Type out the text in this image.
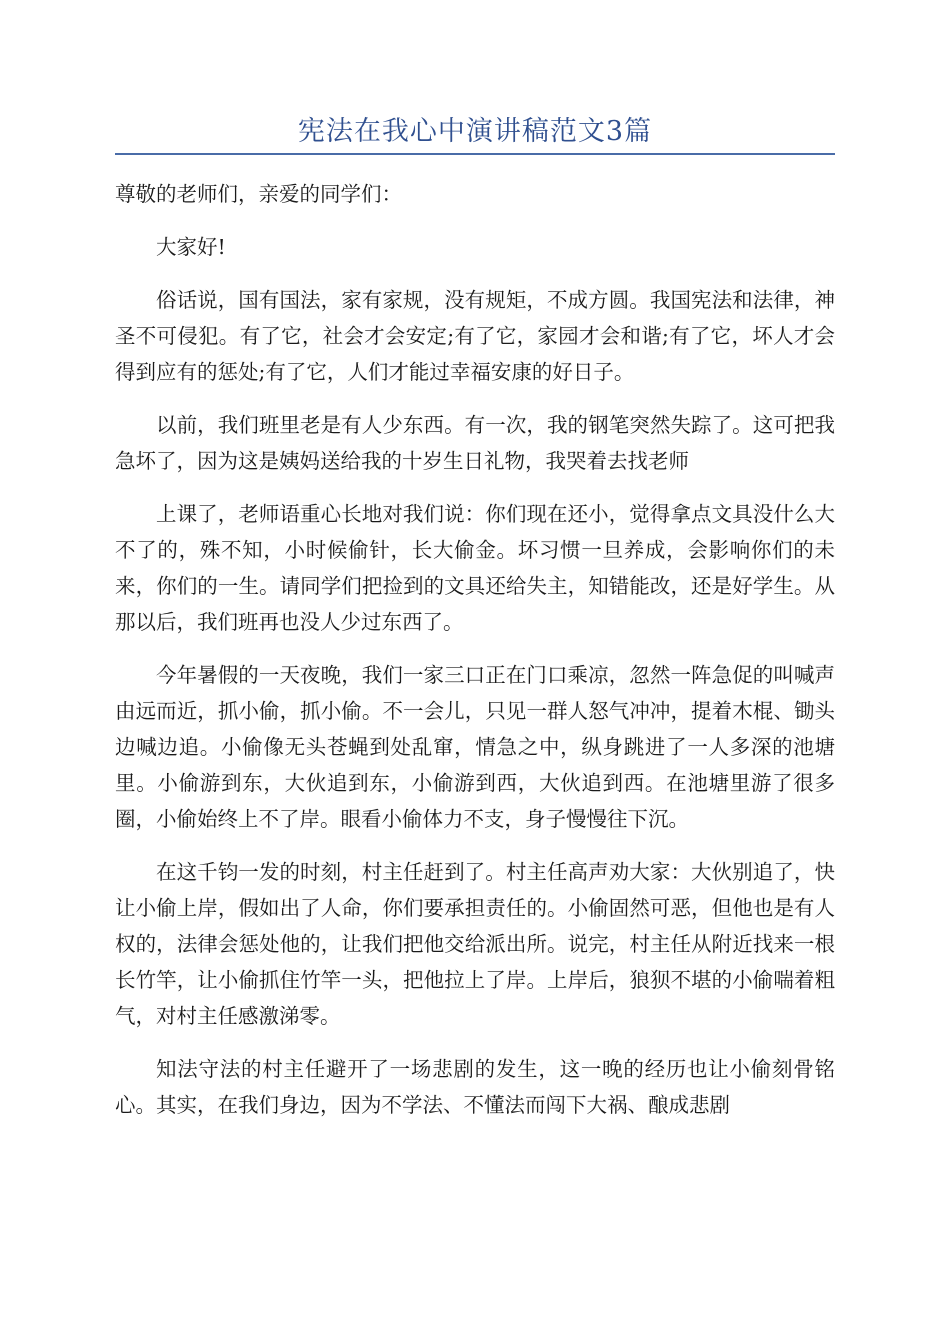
宪法在我心中演讲稿范文3篇

尊敬的老师们，亲爱的同学们：

大家好!

俗话说，国有国法，家有家规，没有规矩，不成方圆。我国宪法和法律，神圣不可侵犯。有了它，社会才会安定;有了它，家园才会和谐;有了它，坏人才会得到应有的惩处;有了它，人们才能过幸福安康的好日子。

以前，我们班里老是有人少东西。有一次，我的钢笔突然失踪了。这可把我急坏了，因为这是姨妈送给我的十岁生日礼物，我哭着去找老师

上课了，老师语重心长地对我们说：你们现在还小，觉得拿点文具没什么大不了的，殊不知，小时候偷针，长大偷金。坏习惯一旦养成，会影响你们的未来，你们的一生。请同学们把捡到的文具还给失主，知错能改，还是好学生。从那以后，我们班再也没人少过东西了。

今年暑假的一天夜晚，我们一家三口正在门口乘凉，忽然一阵急促的叫喊声由远而近，抓小偷，抓小偷。不一会儿，只见一群人怒气冲冲，提着木棍、锄头边喊边追。小偷像无头苍蝇到处乱窜，情急之中，纵身跳进了一人多深的池塘里。小偷游到东，大伙追到东，小偷游到西，大伙追到西。在池塘里游了很多圈，小偷始终上不了岸。眼看小偷体力不支，身子慢慢往下沉。

在这千钧一发的时刻，村主任赶到了。村主任高声劝大家：大伙别追了，快让小偷上岸，假如出了人命，你们要承担责任的。小偷固然可恶，但他也是有人权的，法律会惩处他的，让我们把他交给派出所。说完，村主任从附近找来一根长竹竿，让小偷抓住竹竿一头，把他拉上了岸。上岸后，狼狈不堪的小偷喘着粗气，对村主任感激涕零。

知法守法的村主任避开了一场悲剧的发生，这一晚的经历也让小偷刻骨铭心。其实，在我们身边，因为不学法、不懂法而闯下大祸、酿成悲剧
